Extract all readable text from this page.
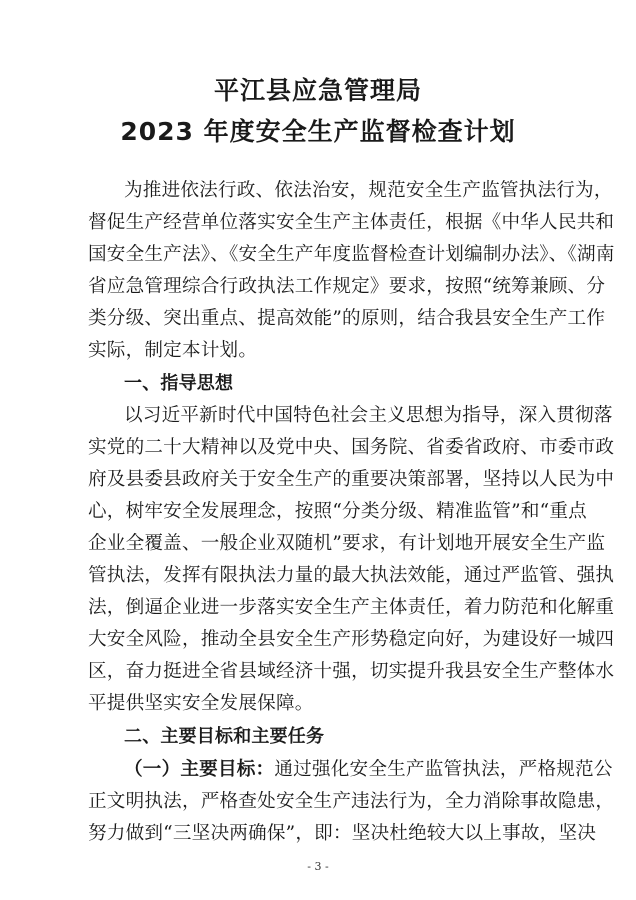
平江县应急管理局
2023 年度安全生产监督检查计划
为推进依法行政、依法治安，规范安全生产监管执法行为，
督促生产经营单位落实安全生产主体责任，根据《中华人民共和
国安全生产法》、《安全生产年度监督检查计划编制办法》、《湖南
省应急管理综合行政执法工作规定》要求，按照“统筹兼顾、分
类分级、突出重点、提高效能”的原则，结合我县安全生产工作
实际，制定本计划。
一、指导思想
以习近平新时代中国特色社会主义思想为指导，深入贯彻落
实党的二十大精神以及党中央、国务院、省委省政府、市委市政
府及县委县政府关于安全生产的重要决策部署，坚持以人民为中
心，树牢安全发展理念，按照“分类分级、精准监管”和“重点
企业全覆盖、一般企业双随机”要求，有计划地开展安全生产监
管执法，发挥有限执法力量的最大执法效能，通过严监管、强执
法，倒逼企业进一步落实安全生产主体责任，着力防范和化解重
大安全风险，推动全县安全生产形势稳定向好，为建设好一城四
区，奋力挺进全省县域经济十强，切实提升我县安全生产整体水
平提供坚实安全发展保障。
二、主要目标和主要任务
（一）主要目标：通过强化安全生产监管执法，严格规范公
正文明执法，严格查处安全生产违法行为，全力消除事故隐患，
努力做到“三坚决两确保”，即：坚决杜绝较大以上事故，坚决
- 3 -
